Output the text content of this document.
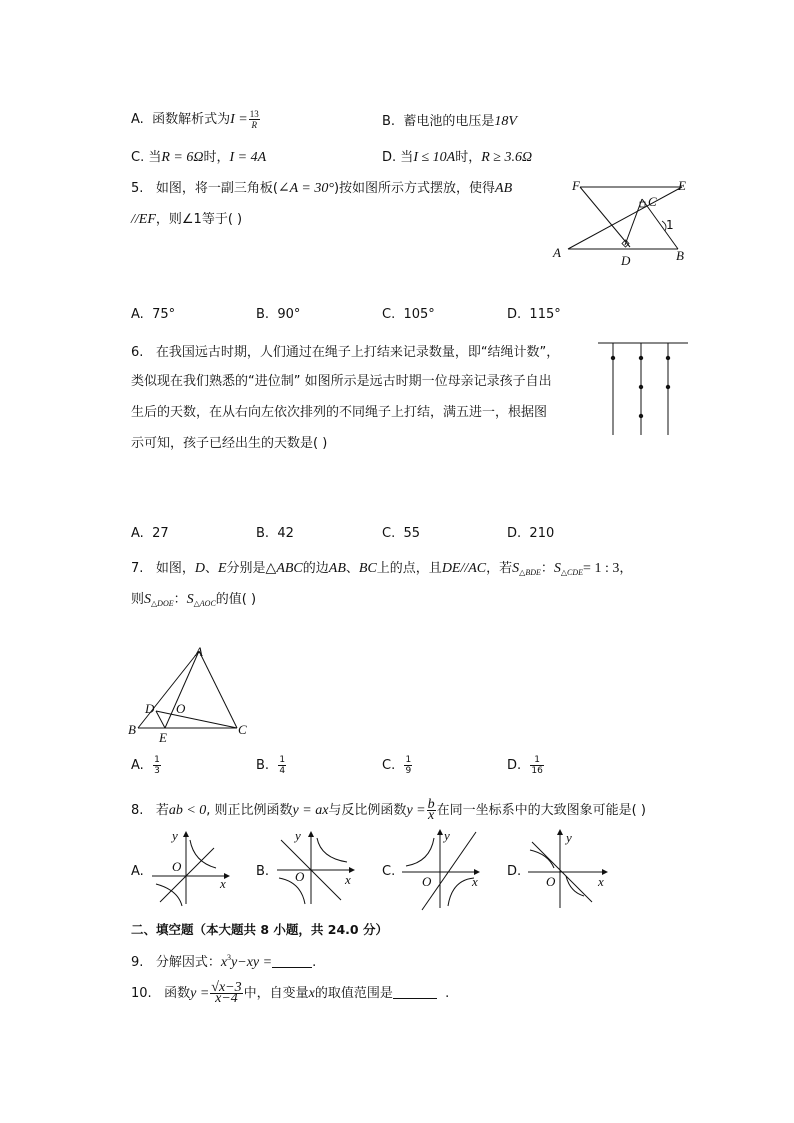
A. 函数解析式为$I = \frac{13}{R}$	B. 蓄电池的电压是18V
C. 当R = 6Ω时，I = 4A	D. 当I ≤ 10A时，R ≥ 3.6Ω
5. 如图，将一副三角板(∠A = 30°)按如图所示方式摆放，使得AB
//EF，则∠1等于( )
F	E
C
1
A
D	B
A. 75°	B. 90°	C. 105°	D. 115°
6. 在我国远古时期，人们通过在绳子上打结来记录数量，即“结绳计数”，
类似现在我们熟悉的“进位制” 如图所示是远古时期一位母亲记录孩子自出
生后的天数，在从右向左依次排列的不同绳子上打结，满五进一，根据图
示可知，孩子已经出生的天数是( )
A. 27	B. 42	C. 55	D. 210
7. 如图，D、E分别是△ABC的边AB、BC上的点，且DE//AC，若$S_{\triangle BDE}$：$S_{\triangle CDE}= 1$ : 3，
则$S_{\triangle DOE}$：$S_{\triangle AOC}$的值( )
A
D O
B
E
C
A. $\frac{1}{3}$	B. $\frac{1}{4}$	C. $\frac{1}{9}$	D. $\frac{1}{16}$
8. 若ab < 0, 则正比例函数y = ax与反比例函数$y = \frac{b}{x}$ 在同一坐标系中的大致图象可能是( )
A.
x
y
O	B.
x
y
O	C.
x
y
O
D.
x
y
O
二、填空题（本大题共 8 小题，共 24.0 分）
9. 分解因式：$x^3y-xy$ =	.
10. 函数$y = \frac{√x-3}{x-4}$ 中，自变量x的取值范围是	.
